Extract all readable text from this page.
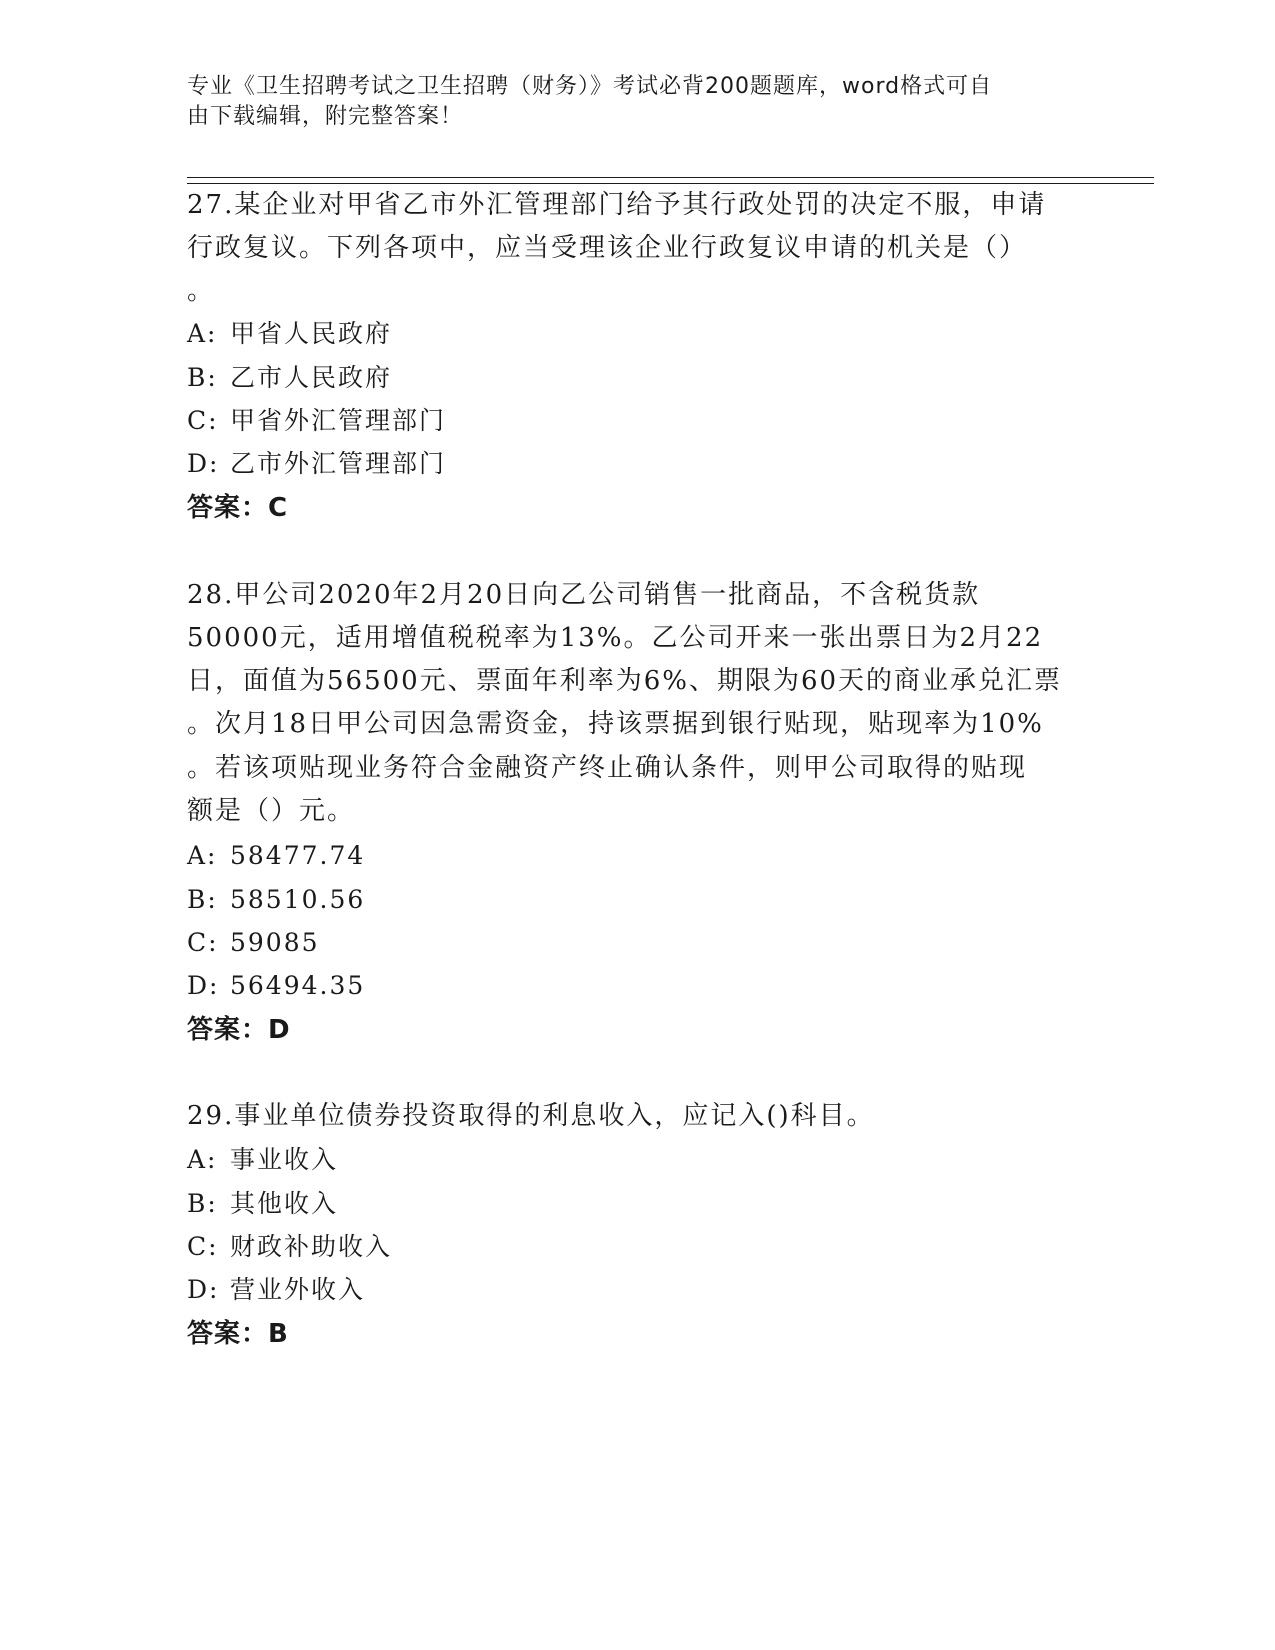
专业《卫生招聘考试之卫生招聘（财务）》考试必背200题题库，word格式可自
由下载编辑，附完整答案！
27.某企业对甲省乙市外汇管理部门给予其行政处罚的决定不服，申请
行政复议。下列各项中，应当受理该企业行政复议申请的机关是（）
。
A: 甲省人民政府
B: 乙市人民政府
C: 甲省外汇管理部门
D: 乙市外汇管理部门
答案：C
28.甲公司2020年2月20日向乙公司销售一批商品，不含税货款
50000元，适用增值税税率为13%。乙公司开来一张出票日为2月22
日，面值为56500元、票面年利率为6%、期限为60天的商业承兑汇票
。次月18日甲公司因急需资金，持该票据到银行贴现，贴现率为10%
。若该项贴现业务符合金融资产终止确认条件，则甲公司取得的贴现
额是（）元。
A: 58477.74
B: 58510.56
C: 59085
D: 56494.35
答案：D
29.事业单位债券投资取得的利息收入，应记入()科目。
A: 事业收入
B: 其他收入
C: 财政补助收入
D: 营业外收入
答案：B
